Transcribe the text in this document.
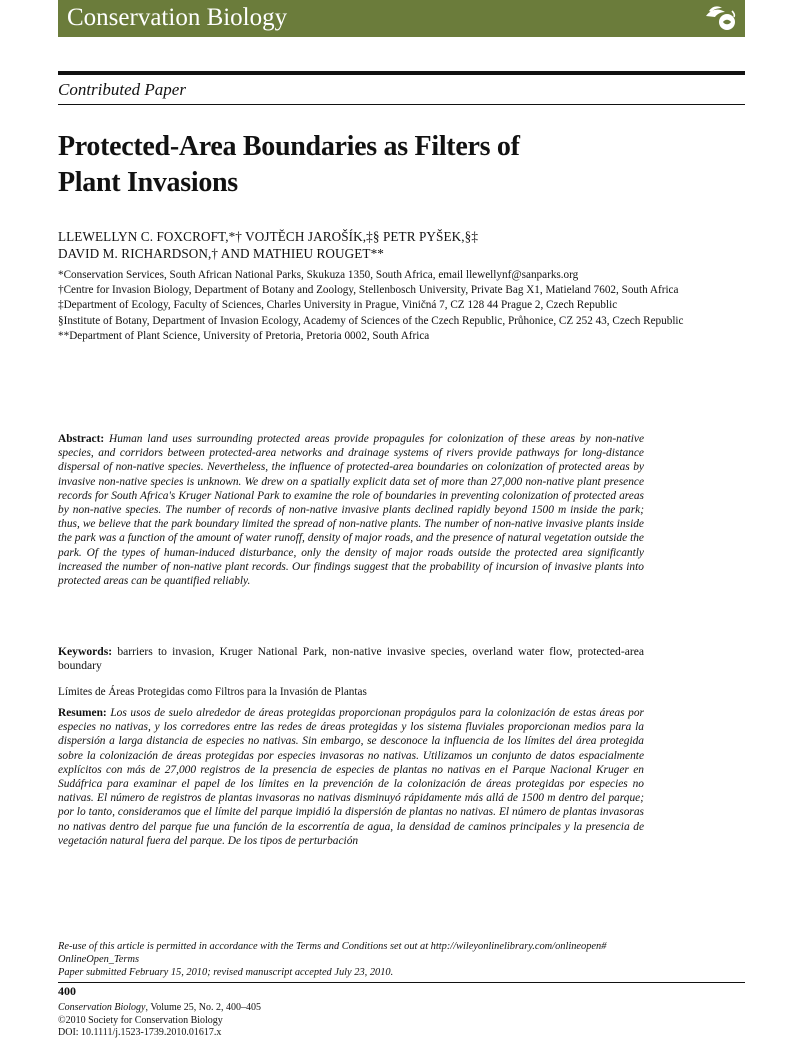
Conservation Biology
Contributed Paper
Protected-Area Boundaries as Filters of
Plant Invasions
LLEWELLYN C. FOXCROFT,*† VOJTĚCH JAROŠÍK,‡§ PETR PYŠEK,§‡
DAVID M. RICHARDSON,† AND MATHIEU ROUGET**

*Conservation Services, South African National Parks, Skukuza 1350, South Africa, email llewellynf@sanparks.org

†Centre for Invasion Biology, Department of Botany and Zoology, Stellenbosch University, Private Bag X1, Matieland 7602, South Africa

‡Department of Ecology, Faculty of Sciences, Charles University in Prague, Viničná 7, CZ 128 44 Prague 2, Czech Republic

§Institute of Botany, Department of Invasion Ecology, Academy of Sciences of the Czech Republic, Průhonice, CZ 252 43, Czech Republic

**Department of Plant Science, University of Pretoria, Pretoria 0002, South Africa

Abstract: Human land uses surrounding protected areas provide propagules for colonization of these areas by non-native species, and corridors between protected-area networks and drainage systems of rivers provide pathways for long-distance dispersal of non-native species. Nevertheless, the influence of protected-area boundaries on colonization of protected areas by invasive non-native species is unknown. We drew on a spatially explicit data set of more than 27,000 non-native plant presence records for South Africa's Kruger National Park to examine the role of boundaries in preventing colonization of protected areas by non-native species. The number of records of non-native invasive plants declined rapidly beyond 1500 m inside the park; thus, we believe that the park boundary limited the spread of non-native plants. The number of non-native invasive plants inside the park was a function of the amount of water runoff, density of major roads, and the presence of natural vegetation outside the park. Of the types of human-induced disturbance, only the density of major roads outside the protected area significantly increased the number of non-native plant records. Our findings suggest that the probability of incursion of invasive plants into protected areas can be quantified reliably.

Keywords: barriers to invasion, Kruger National Park, non-native invasive species, overland water flow, protected-area boundary

Límites de Áreas Protegidas como Filtros para la Invasión de Plantas

Resumen: Los usos de suelo alrededor de áreas protegidas proporcionan propágulos para la colonización de estas áreas por especies no nativas, y los corredores entre las redes de áreas protegidas y los sistema fluviales proporcionan medios para la dispersión a larga distancia de especies no nativas. Sin embargo, se desconoce la influencia de los límites del área protegida sobre la colonización de áreas protegidas por especies invasoras no nativas. Utilizamos un conjunto de datos espacialmente explícitos con más de 27,000 registros de la presencia de especies de plantas no nativas en el Parque Nacional Kruger en Sudáfrica para examinar el papel de los límites en la prevención de la colonización de áreas protegidas por especies no nativas. El número de registros de plantas invasoras no nativas disminuyó rápidamente más allá de 1500 m dentro del parque; por lo tanto, consideramos que el límite del parque impidió la dispersión de plantas no nativas. El número de plantas invasoras no nativas dentro del parque fue una función de la escorrentía de agua, la densidad de caminos principales y la presencia de vegetación natural fuera del parque. De los tipos de perturbación

Re-use of this article is permitted in accordance with the Terms and Conditions set out at http://wileyonlinelibrary.com/onlineopen#
OnlineOpen_Terms
Paper submitted February 15, 2010; revised manuscript accepted July 23, 2010.
400
Conservation Biology, Volume 25, No. 2, 400–405
©2010 Society for Conservation Biology
DOI: 10.1111/j.1523-1739.2010.01617.x
